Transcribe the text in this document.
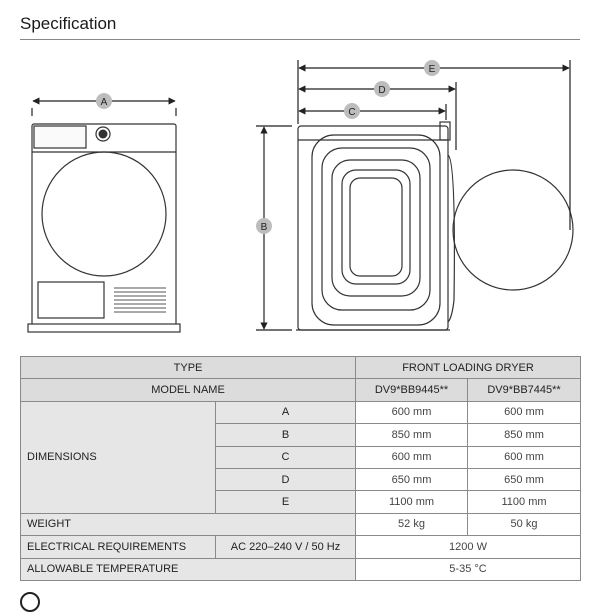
Specification
A
E
D
C
B
TYPE		FRONT LOADING DRYER	
MODEL NAME		DV9*BB9445**	DV9*BB7445**
DIMENSIONS	A	600 mm	600 mm
	B	850 mm	850 mm
	C	600 mm	600 mm
	D	650 mm	650 mm
	E	1100 mm	1100 mm
WEIGHT		52 kg	50 kg
ELECTRICAL REQUIREMENTS	AC 220–240 V / 50 Hz	1200 W	
ALLOWABLE TEMPERATURE		5-35 °C	
